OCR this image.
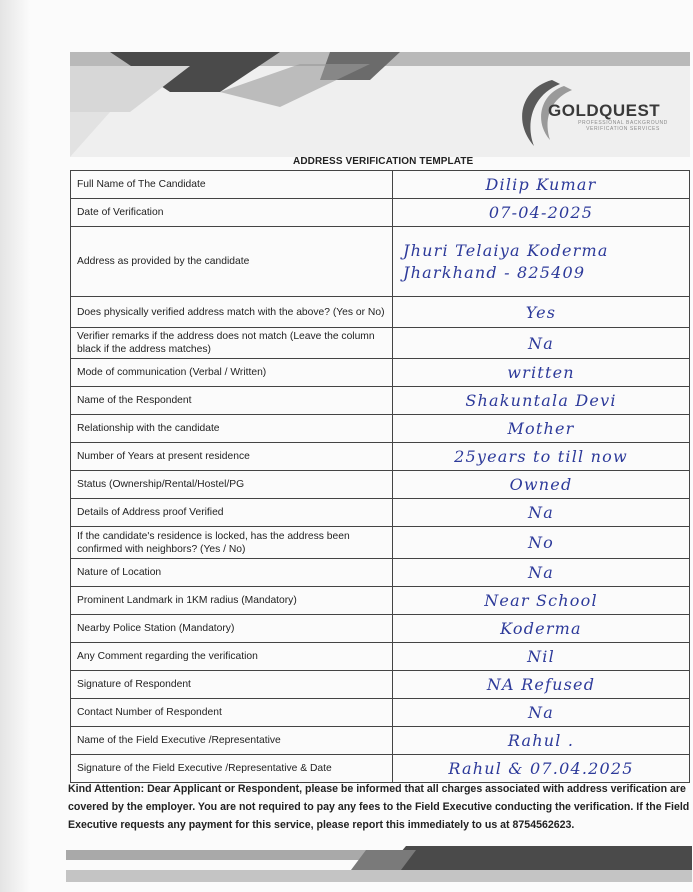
GOLDQUEST
PROFESSIONAL BACKGROUND VERIFICATION SERVICES
ADDRESS VERIFICATION TEMPLATE
Full Name of The Candidate	Dilip Kumar
Date of Verification	07-04-2025
Address as provided by the candidate	Jhuri Telaiya Koderma
Jharkhand - 825409

Does physically verified address match with the above? (Yes or No)	Yes
Verifier remarks if the address does not match (Leave the column black if the address matches)	Na
Mode of communication (Verbal / Written)	written
Name of the Respondent	Shakuntala Devi
Relationship with the candidate	Mother
Number of Years at present residence	25years to till now
Status (Ownership/Rental/Hostel/PG	Owned
Details of Address proof Verified	Na
If the candidate's residence is locked, has the address been confirmed with neighbors? (Yes / No)	No
Nature of Location	Na
Prominent Landmark in 1KM radius (Mandatory)	Near School
Nearby Police Station (Mandatory)	Koderma
Any Comment regarding the verification	Nil
Signature of Respondent	NA Refused
Contact Number of Respondent	Na
Name of the Field Executive /Representative	Rahul .
Signature of the Field Executive /Representative & Date	Rahul & 07.04.2025
Kind Attention: Dear Applicant or Respondent, please be informed that all charges associated with address verification are covered by the employer. You are not required to pay any fees to the Field Executive conducting the verification. If the Field Executive requests any payment for this service, please report this immediately to us at 8754562623.
